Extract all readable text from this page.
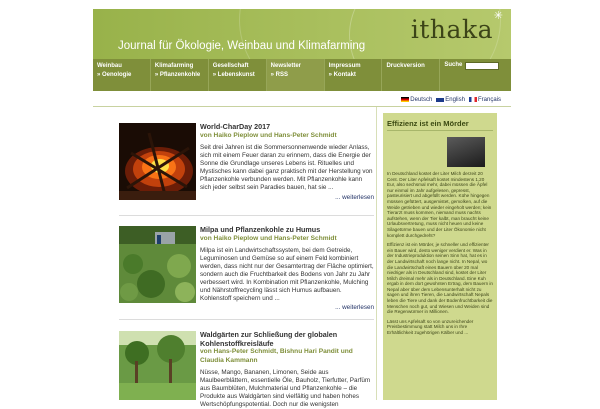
ithaka ✳
Journal für Ökologie, Weinbau und Klimafarming
Weinbau
» Oenologie
Klimafarming
» Pflanzenkohle
Gesellschaft
» Lebenskunst
Newsletter
» RSS
Impressum
» Kontakt
Druckversion	Suche
Deutsch	English	Français
World-CharDay 2017
von Haiko Pieplow und Hans-Peter Schmidt
Seit drei Jahren ist die Sommersonnenwende wieder Anlass, sich mit einem Feuer daran zu erinnern, dass die Energie der Sonne die Grundlage unseres Lebens ist. Rituelles und Mystisches kann dabei ganz praktisch mit der Herstellung von Pflanzenkohle verbunden werden. Mit Pflanzenkohle kann sich jeder selbst sein Paradies bauen, hat sie ...
... weiterlesen
Milpa und Pflanzenkohle zu Humus
von Haiko Pieplow und Hans-Peter Schmidt
Milpa ist ein Landwirtschaftssystem, bei dem Getreide, Leguminosen und Gemüse so auf einem Feld kombiniert werden, dass nicht nur der Gesamtertrag der Fläche optimiert, sondern auch die Fruchtbarkeit des Bodens von Jahr zu Jahr verbessert wird. In Kombination mit Pflanzenkohle, Mulching und Nährstoffrecycling lässt sich Humus aufbauen. Kohlenstoff speichern und ...
... weiterlesen
Waldgärten zur Schließung der globalen Kohlenstoffkreisläufe
von Hans-Peter Schmidt, Bishnu Hari Pandit und Claudia Kammann
Nüsse, Mango, Bananen, Limonen, Seide aus Maulbeerblättern, essentielle Öle, Bauholz, Tierfutter, Parfüm aus Baumblüten, Mulchmaterial und Pflanzenkohle – die Produkte aus Waldgärten sind vielfältig und haben hohes Wertschöpfungspotential. Doch nur die wenigsten
Effizienz ist ein Mörder

In Deutschland kostet der Liter Milch derzeit 20 Cent. Der Liter Apfelsaft kostet mindestens 1,20 Eur, also sechsmal mehr, dabei müssen die Äpfel nur einmal im Jahr aufgelesen, gepresst, pasteurisiert und abgefüllt werden. Kühe hingegen müssen gefüttert, ausgemistet, gemolken, auf die Weide getrieben und wieder eingeholt werden; kein Tierarzt muss kommen, niemand muss nachts aufstehen, wenn der Tier kalbt, man braucht keine Urlaubsvertretung, muss nicht heuen und keine Silagetürme bauen und der Liter Ökonomie nicht komplett durchgedreht?

Effizienz ist ein Mörder, je schneller und effizienter ein Bauer wird, desto weniger verdient er. Was in der Industrieproduktion seinen Sinn hat, hat es in der Landwirtschaft noch lange nicht. In Nepal, wo die Landwirtschaft eines Bauern über 20 mal niedriger als in Deutschland sind, kostet der Liter Milch dreimal mehr als in Deutschland. Eine Kuh ergab in dem dort gewohnten Ertrag, dem Bauern in Nepal aber über dem Lebensunterhalt nicht zu sagen und ihren Tieren, die Landwirtschaft Nepals leben die Tiere und dank der Bodenfruchtbarkeit die Menschen noch gut, und Wiesen und Weiden sind die Regenwürmer in Millionen.

Lässt uns Apfelsaft so von unzureichender Preisbestimmung statt Milch uns in Ihre Erhältlichkeit zugehörigen Kälber und ...
